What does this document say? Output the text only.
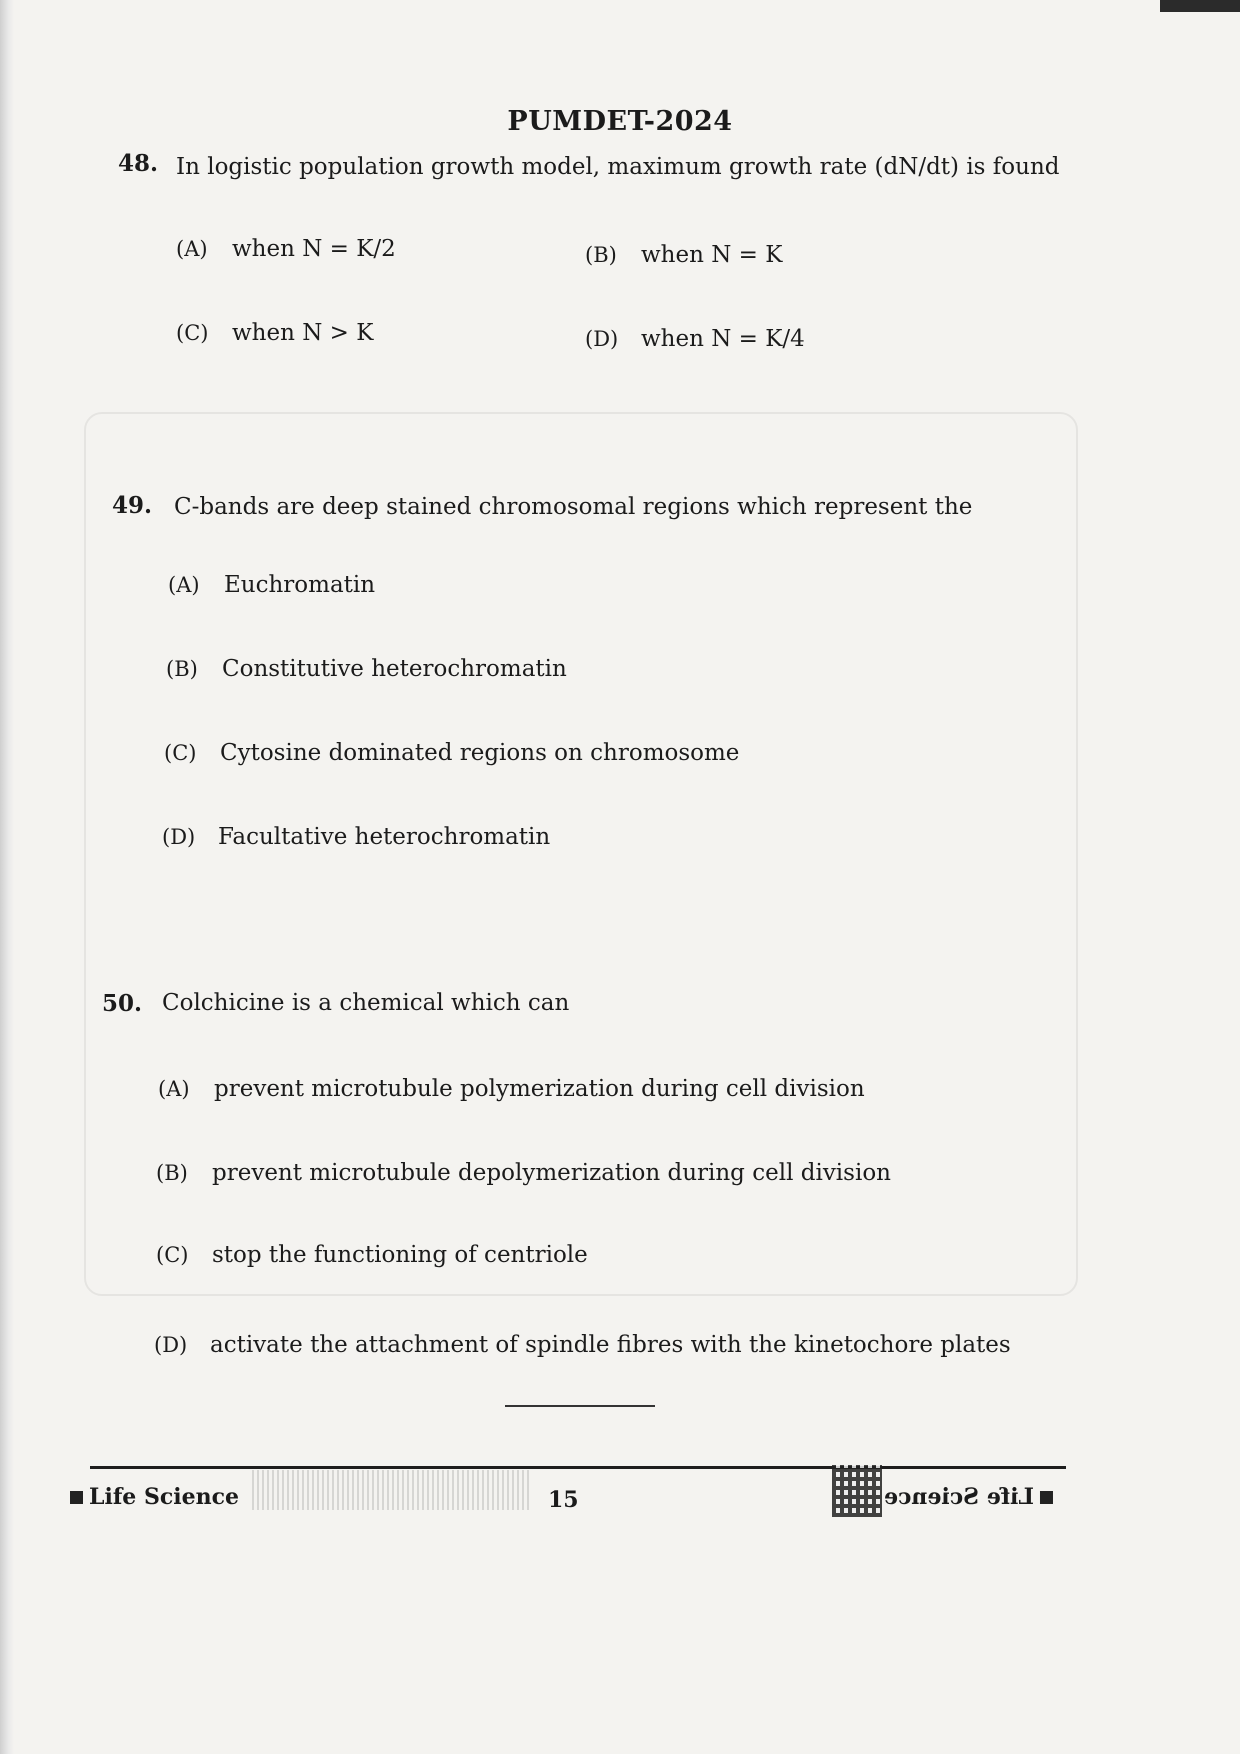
PUMDET-2024
48. In logistic population growth model, maximum growth rate (dN/dt) is found
(A) when N = K/2	(B) when N = K
(C) when N > K	(D) when N = K/4
49. C-bands are deep stained chromosomal regions which represent the
(A) Euchromatin
(B) Constitutive heterochromatin
(C) Cytosine dominated regions on chromosome
(D) Facultative heterochromatin
50. Colchicine is a chemical which can
(A) prevent microtubule polymerization during cell division
(B) prevent microtubule depolymerization during cell division
(C) stop the functioning of centriole
(D) activate the attachment of spindle fibres with the kinetochore plates
Life Science	15	Life Science
